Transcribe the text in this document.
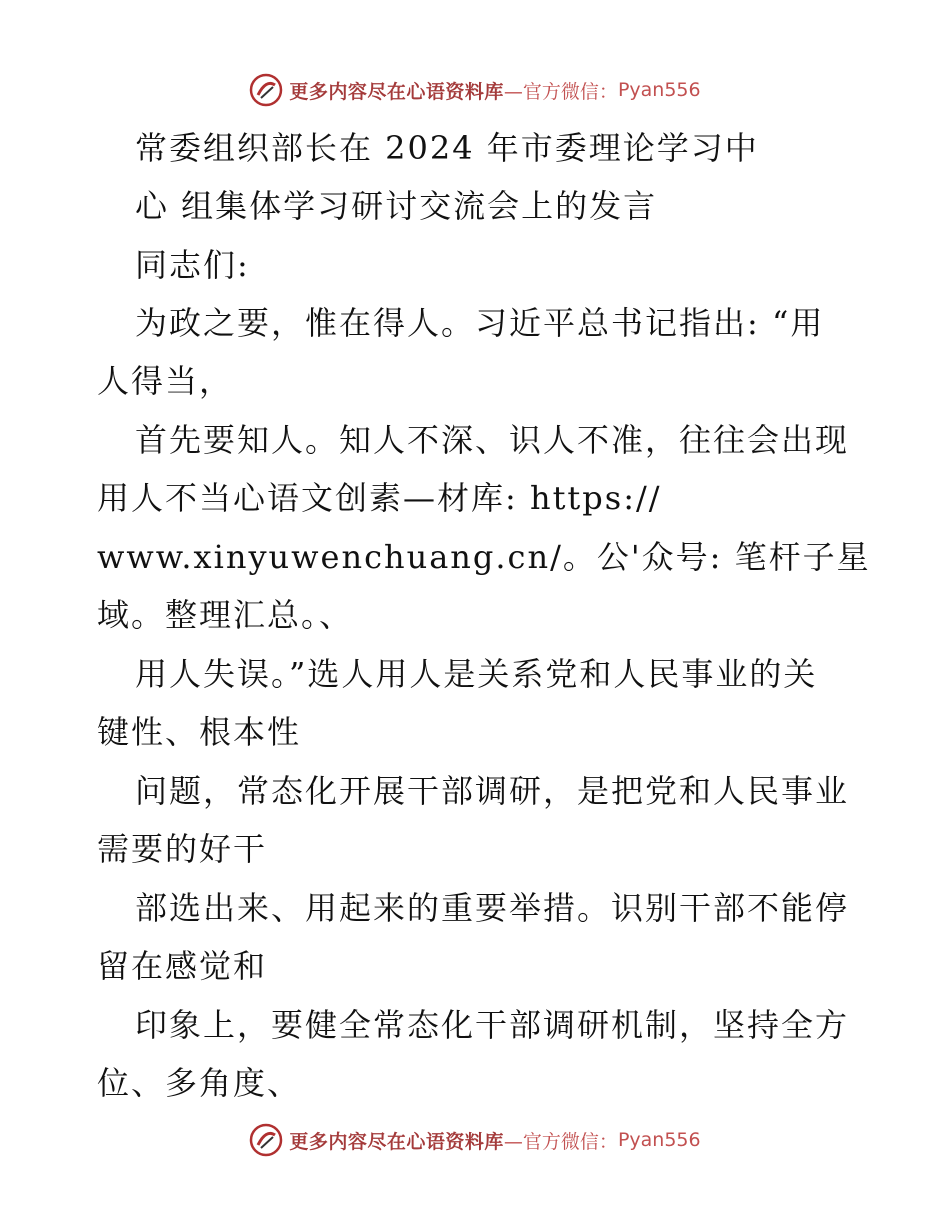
更多内容尽在心语资料库 —官方微信： Pyan556
常委组织部长在 2024 年市委理论学习中
心 组集体学习研讨交流会上的发言
同志们:
为政之要，惟在得人。习近平总书记指出: “用
人得当，
首先要知人。知人不深、识人不准，往往会出现
用人不当心语文创素—材库: https://
www.xinyuwenchuang.cn/。公'众号: 笔杆子星
域。整理汇总。、
用人失误。”选人用人是关系党和人民事业的关
键性、根本性
问题，常态化开展干部调研，是把党和人民事业
需要的好干
部选出来、用起来的重要举措。识别干部不能停
留在感觉和
印象上，要健全常态化干部调研机制，坚持全方
位、多角度、
更多内容尽在心语资料库 —官方微信： Pyan556
